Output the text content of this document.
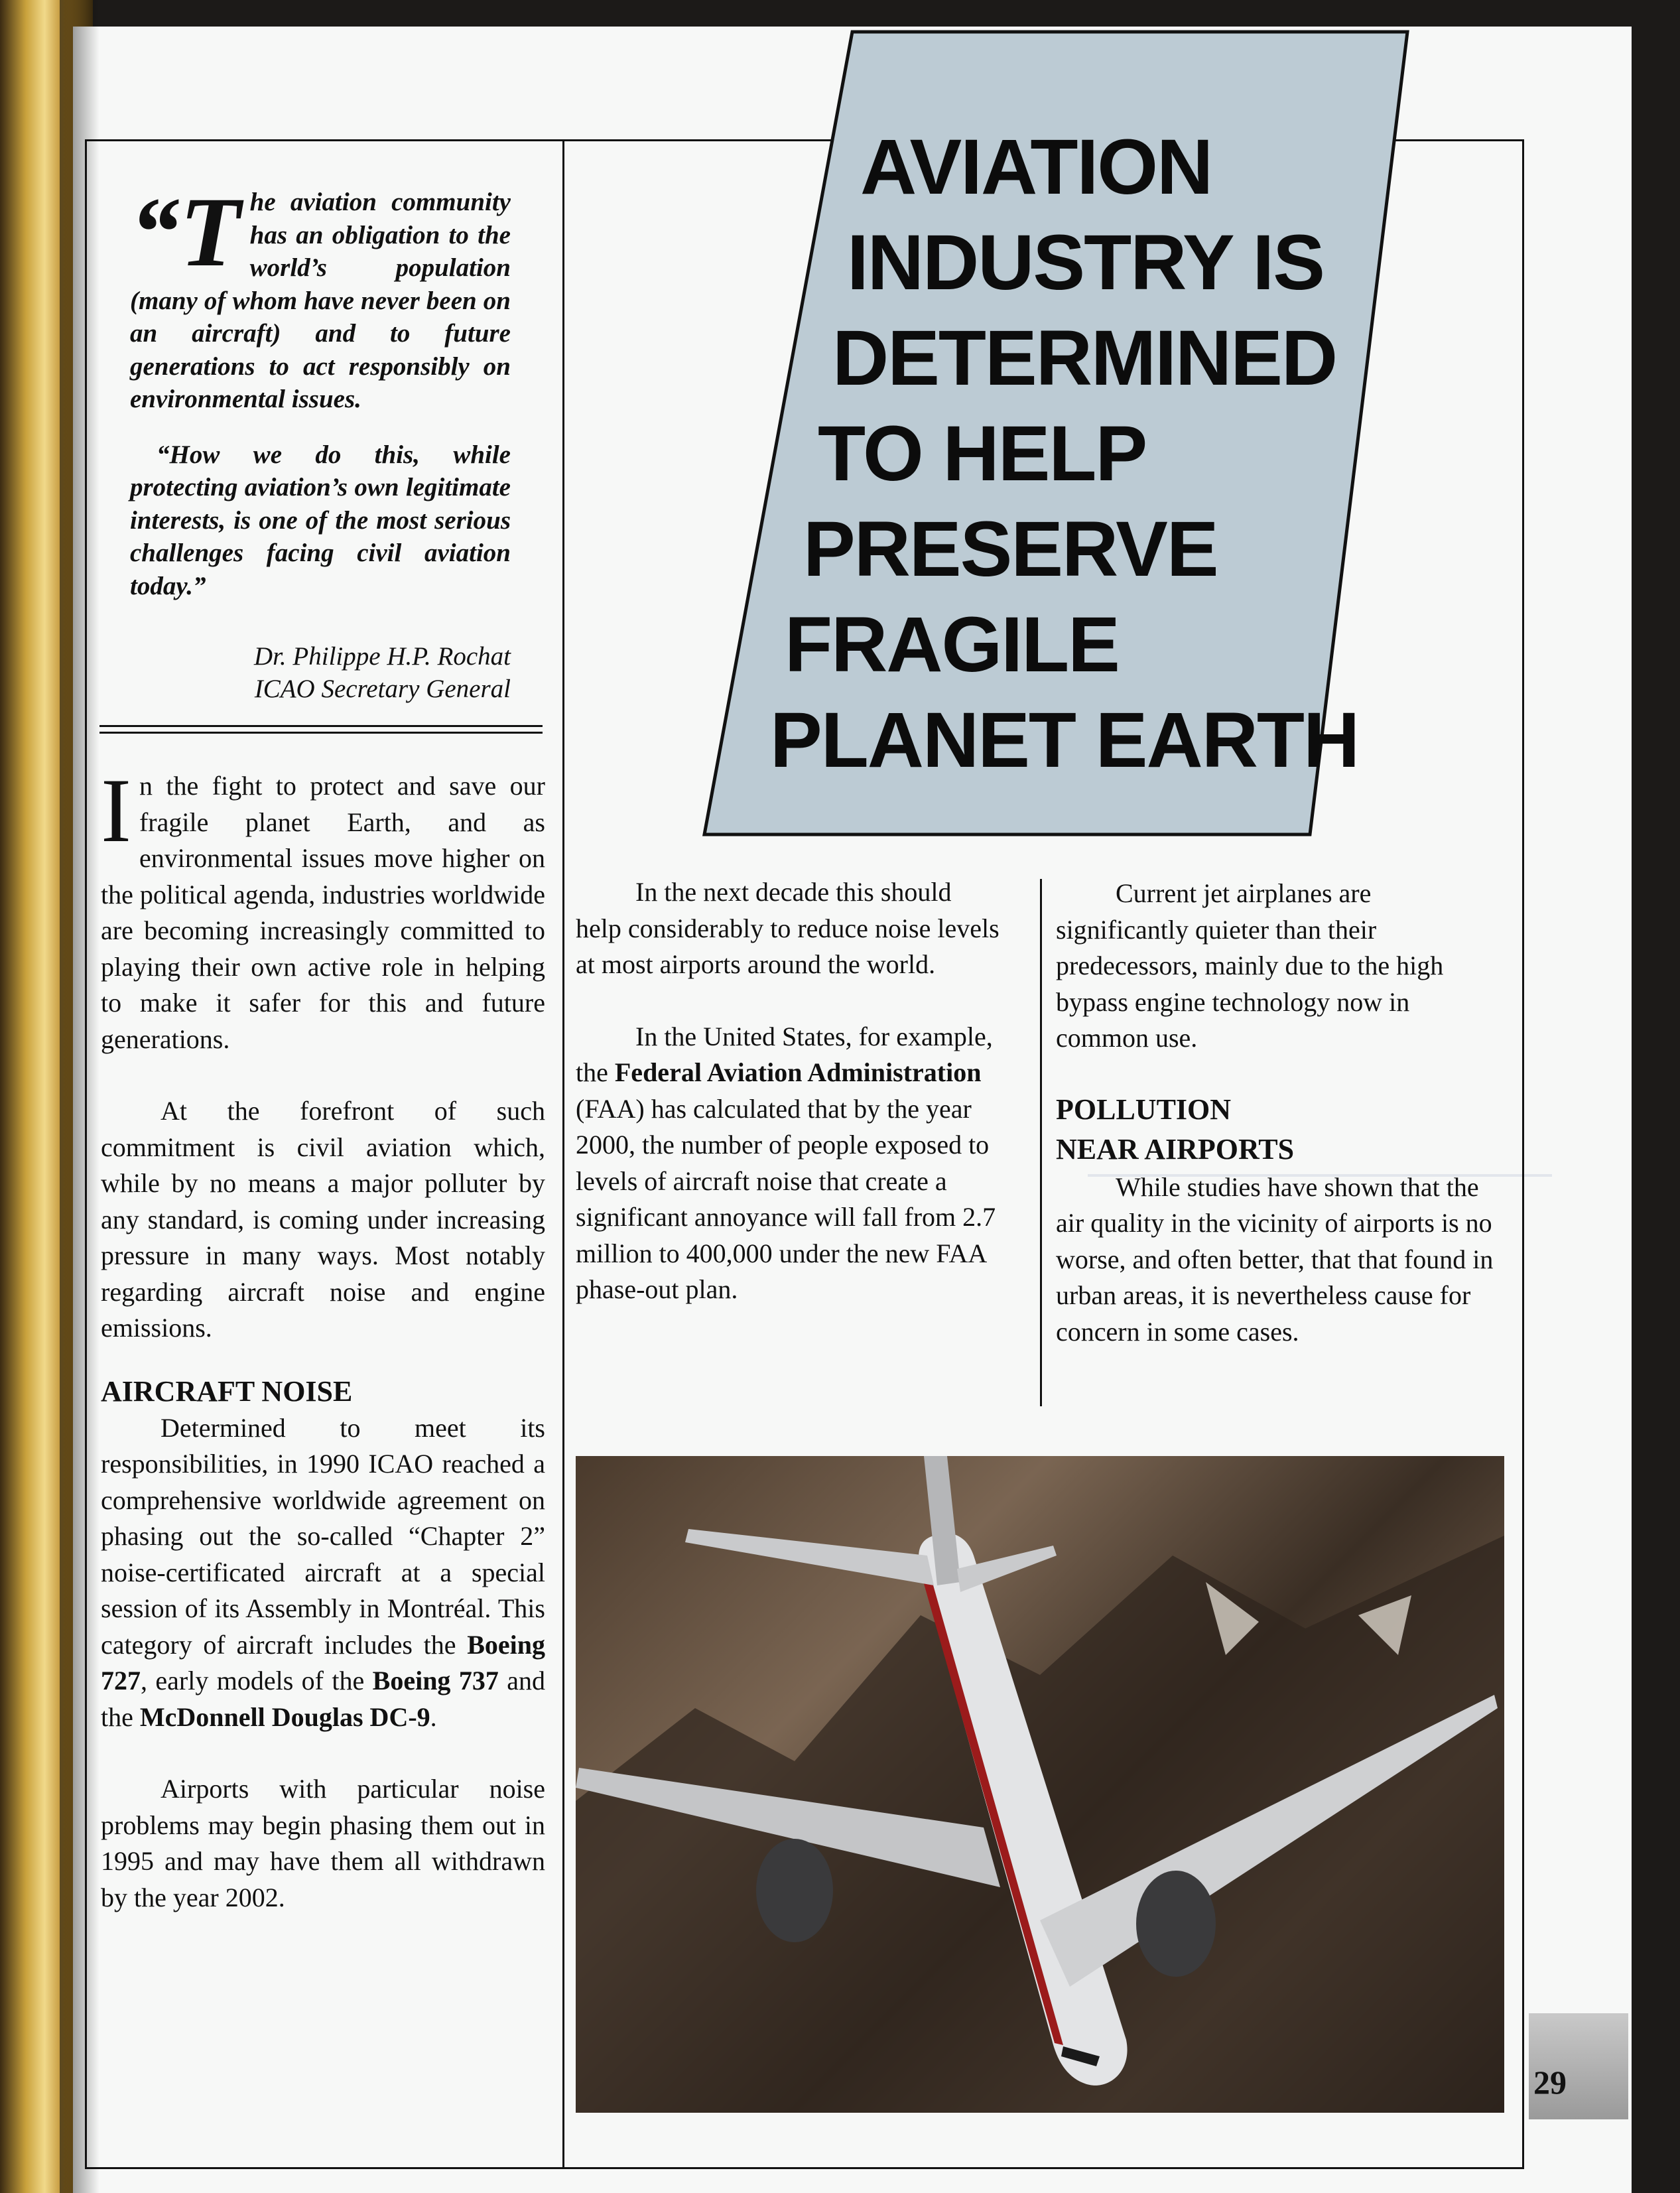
AVIATION
INDUSTRY IS
DETERMINED
TO HELP
PRESERVE
FRAGILE
PLANET EARTH

“T he aviation community has an obligation to the world’s population (many of whom have never been on an aircraft) and to future generations to act responsibly on environmental issues.

“How we do this, while protecting aviation’s own legitimate interests, is one of the most serious challenges facing civil aviation today.”

Dr. Philippe H.P. Rochat
ICAO Secretary General

In the fight to protect and save our fragile planet Earth, and as environmental issues move higher on the political agenda, industries worldwide are becoming increasingly committed to playing their own active role in helping to make it safer for this and future generations.

At the forefront of such commitment is civil aviation which, while by no means a major polluter by any standard, is coming under increasing pressure in many ways. Most notably regarding aircraft noise and engine emissions.

AIRCRAFT NOISE

Determined to meet its responsibilities, in 1990 ICAO reached a comprehensive worldwide agreement on phasing out the so-called “Chapter 2” noise-certificated aircraft at a special session of its Assembly in Montréal. This category of aircraft includes the Boeing 727, early models of the Boeing 737 and the McDonnell Douglas DC-9.

Airports with particular noise problems may begin phasing them out in 1995 and may have them all withdrawn by the year 2002.

In the next decade this should help considerably to reduce noise levels at most airports around the world.

In the United States, for example, the Federal Aviation Administration (FAA) has calculated that by the year 2000, the number of people exposed to levels of aircraft noise that create a significant annoyance will fall from 2.7 million to 400,000 under the new FAA phase-out plan.

Current jet airplanes are significantly quieter than their predecessors, mainly due to the high bypass engine technology now in common use.

POLLUTION
NEAR AIRPORTS

While studies have shown that the air quality in the vicinity of airports is no worse, and often better, that that found in urban areas, it is nevertheless cause for concern in some cases.

29
